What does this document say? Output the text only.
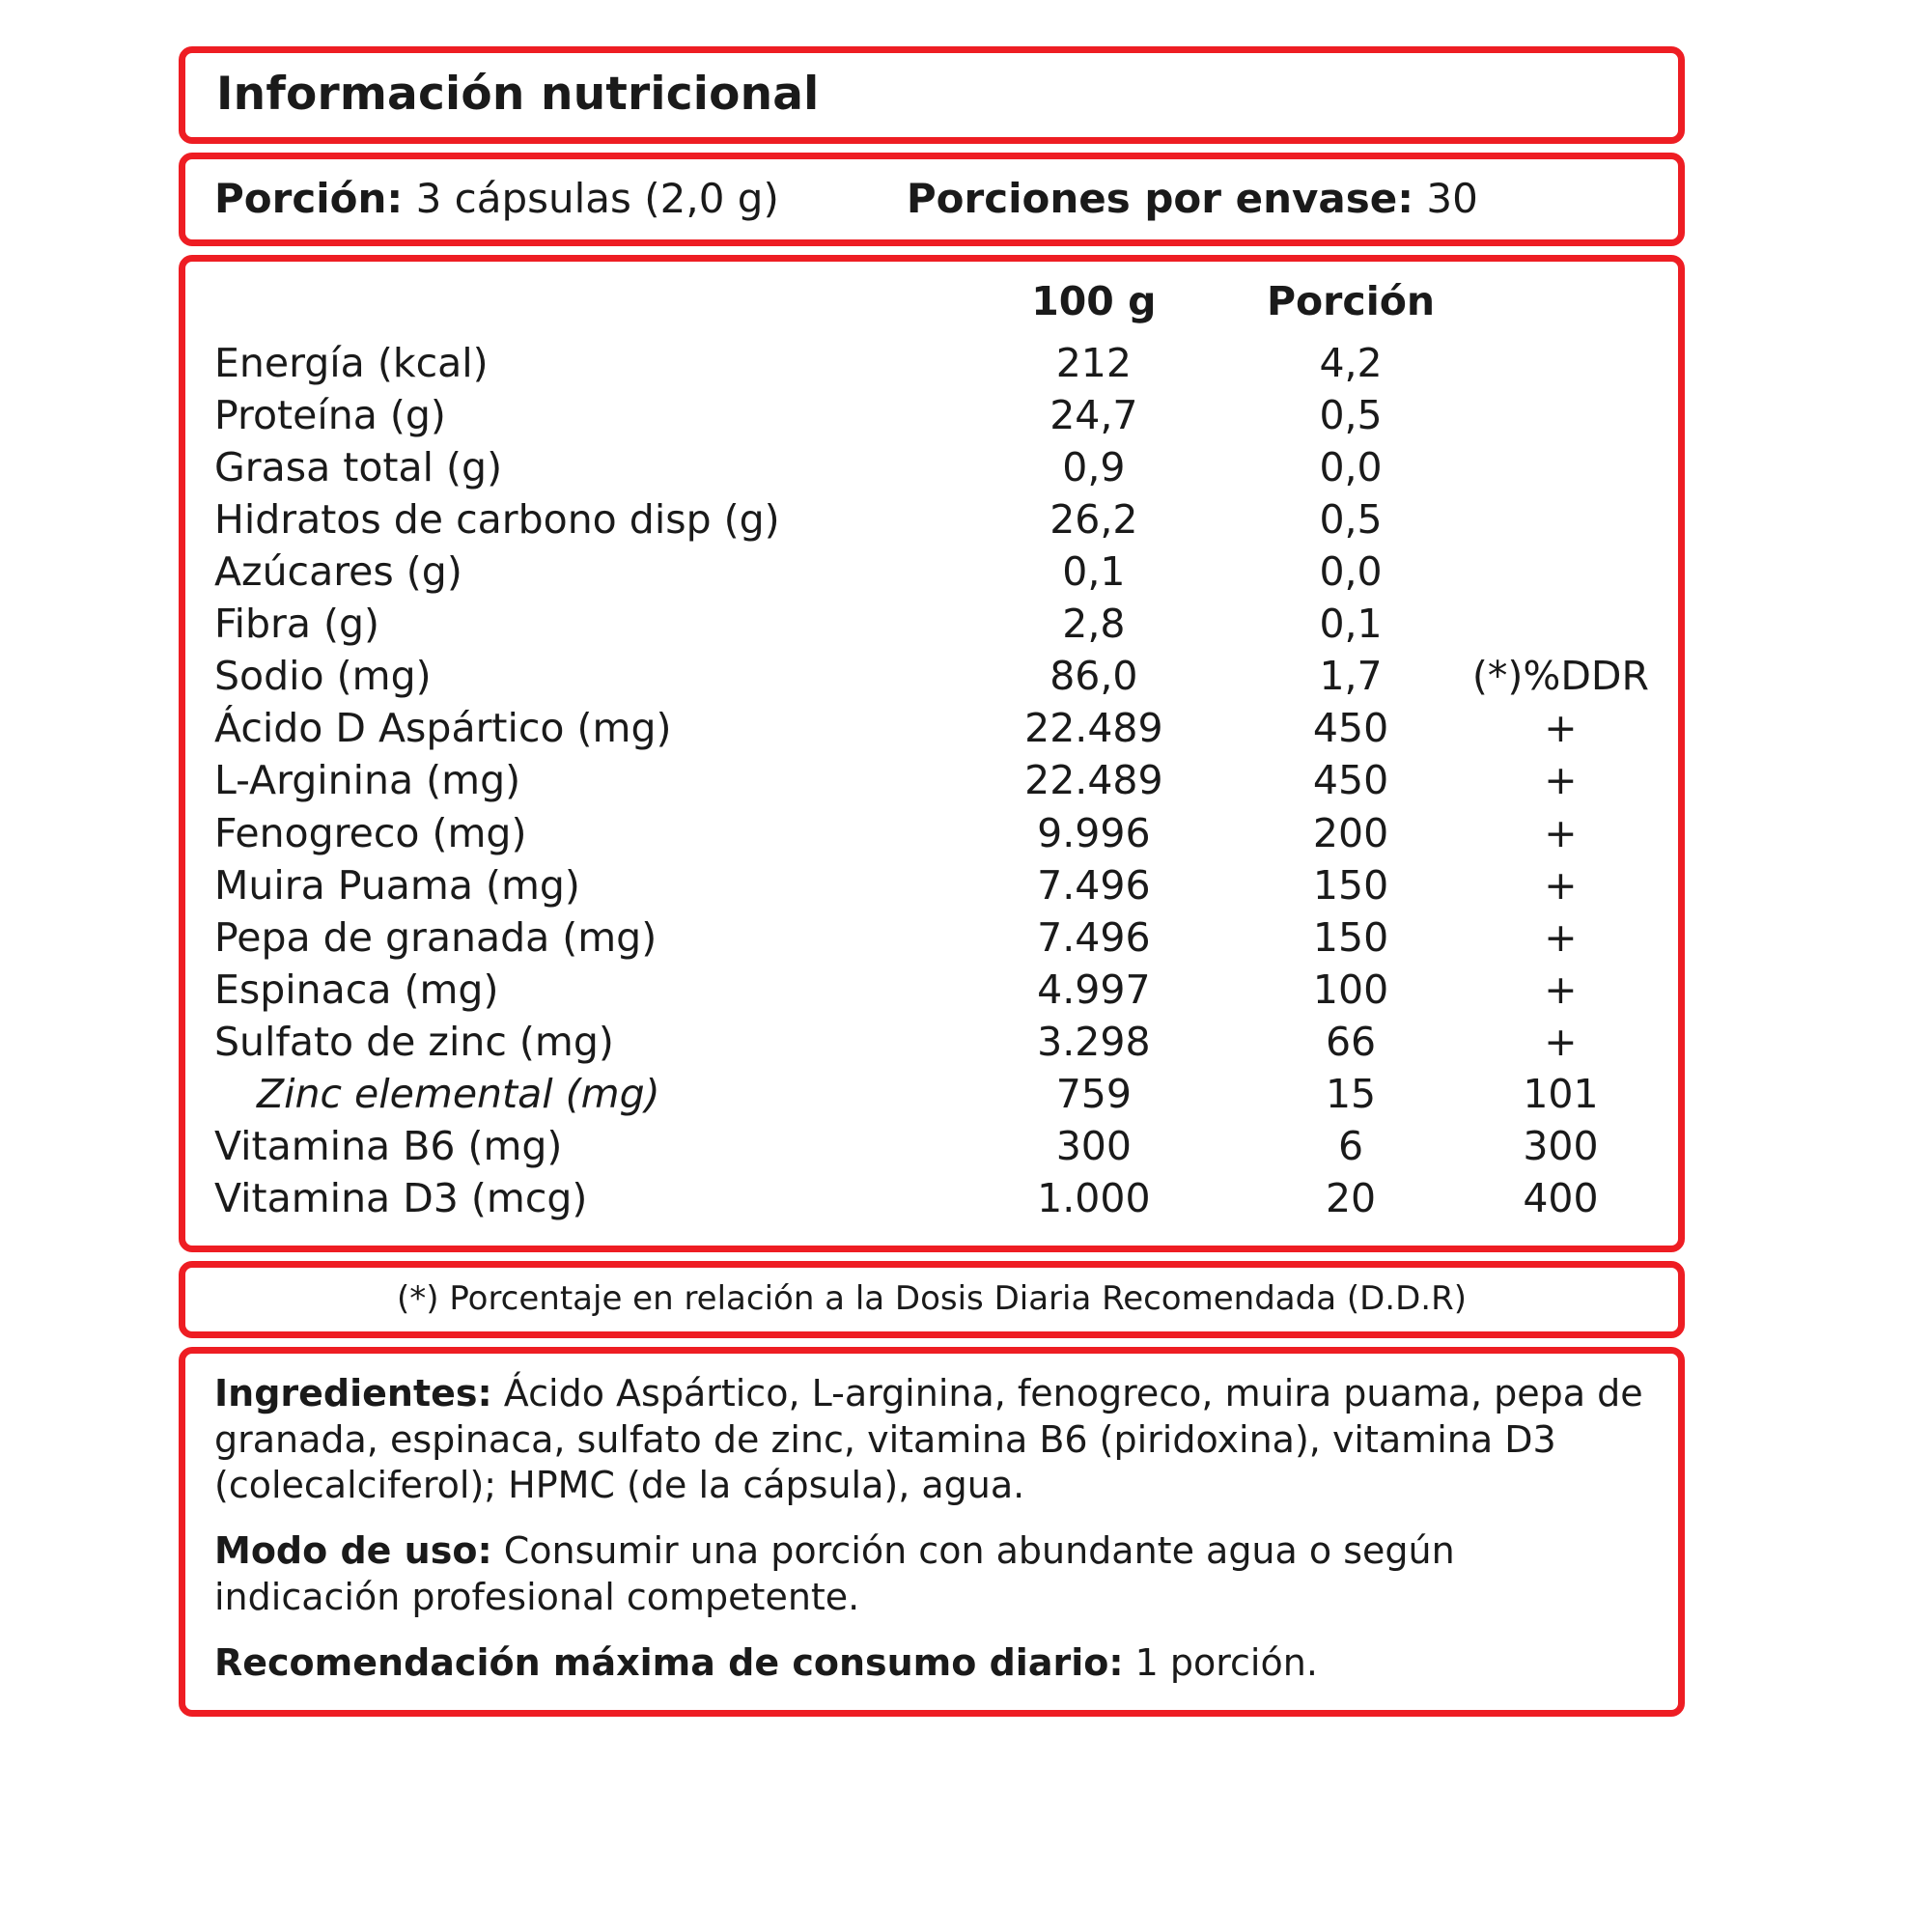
Información nutricional
Porción: 3 cápsulas (2,0 g)	Porciones por envase: 30
	100 g	Porción	
Energía (kcal)	212	4,2	
Proteína (g)	24,7	0,5	
Grasa total (g)	0,9	0,0	
Hidratos de carbono disp (g)	26,2	0,5	
Azúcares (g)	0,1	0,0	
Fibra (g)	2,8	0,1	
Sodio (mg)	86,0	1,7	(*)%DDR
Ácido D Aspártico (mg)	22.489	450	+
L-Arginina (mg)	22.489	450	+
Fenogreco (mg)	9.996	200	+
Muira Puama (mg)	7.496	150	+
Pepa de granada (mg)	7.496	150	+
Espinaca (mg)	4.997	100	+
Sulfato de zinc (mg)	3.298	66	+
Zinc elemental (mg)	759	15	101
Vitamina B6 (mg)	300	6	300
Vitamina D3 (mcg)	1.000	20	400
(*) Porcentaje en relación a la Dosis Diaria Recomendada (D.D.R)

Ingredientes: Ácido Aspártico, L-arginina, fenogreco, muira puama, pepa de granada, espinaca, sulfato de zinc, vitamina B6 (piridoxina), vitamina D3 (colecalciferol); HPMC (de la cápsula), agua.

Modo de uso: Consumir una porción con abundante agua o según indicación profesional competente.

Recomendación máxima de consumo diario: 1 porción.
